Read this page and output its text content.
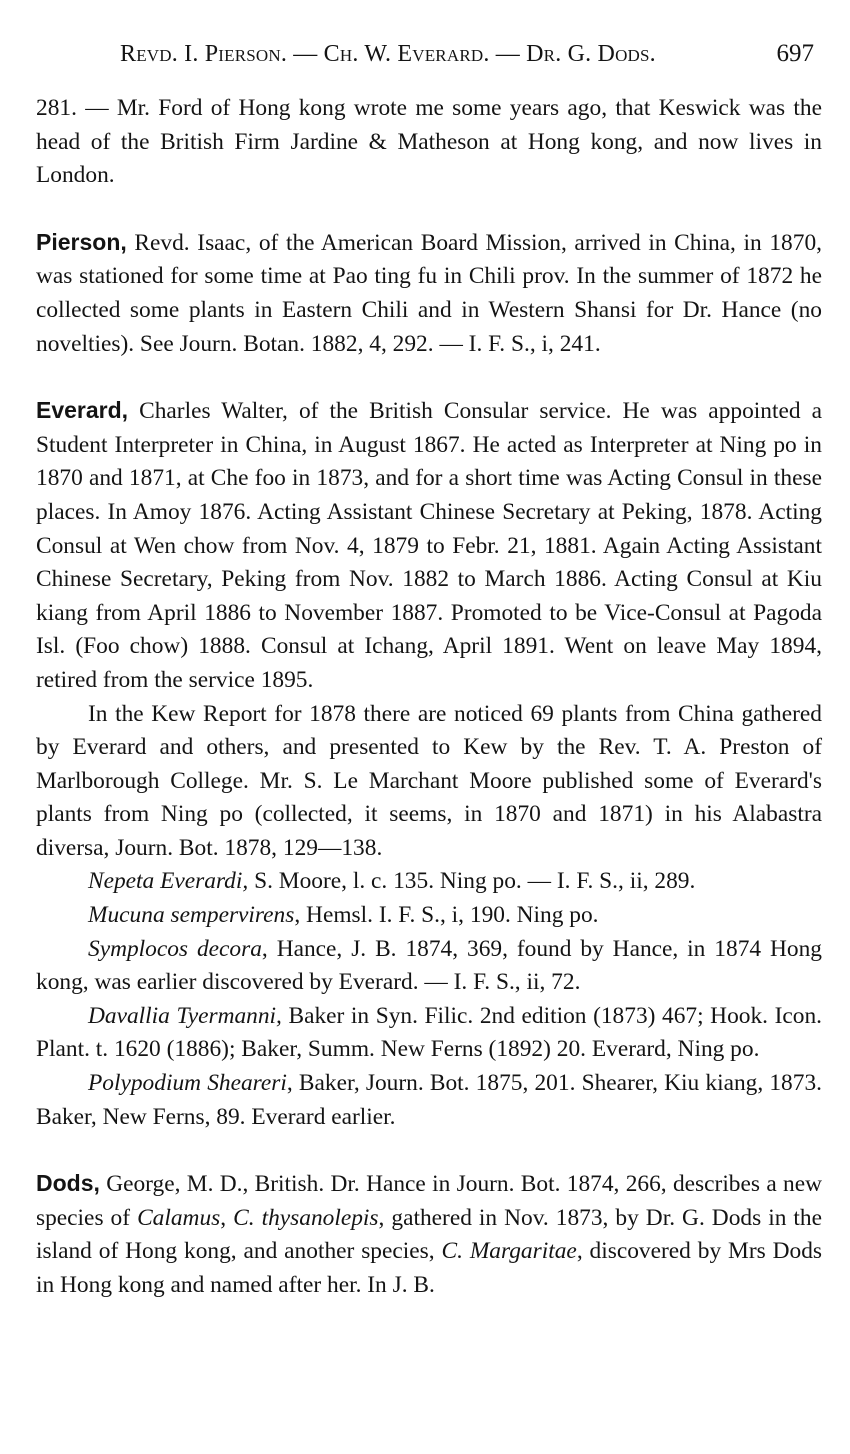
Revd. I. Pierson. — Ch. W. Everard. — Dr. G. Dods.	697

281. — Mr. Ford of Hong kong wrote me some years ago, that Keswick was the head of the British Firm Jardine & Matheson at Hong kong, and now lives in London.

Pierson, Revd. Isaac, of the American Board Mission, arrived in China, in 1870, was stationed for some time at Pao ting fu in Chili prov. In the summer of 1872 he collected some plants in Eastern Chili and in Western Shansi for Dr. Hance (no novelties). See Journ. Botan. 1882, 4, 292. — I. F. S., i, 241.

Everard, Charles Walter, of the British Consular service. He was appointed a Student Interpreter in China, in August 1867. He acted as Interpreter at Ning po in 1870 and 1871, at Che foo in 1873, and for a short time was Acting Consul in these places. In Amoy 1876. Acting Assistant Chinese Secretary at Peking, 1878. Acting Consul at Wen chow from Nov. 4, 1879 to Febr. 21, 1881. Again Acting Assistant Chinese Secretary, Peking from Nov. 1882 to March 1886. Acting Consul at Kiu kiang from April 1886 to November 1887. Promoted to be Vice-Consul at Pagoda Isl. (Foo chow) 1888. Consul at Ichang, April 1891. Went on leave May 1894, retired from the service 1895.

In the Kew Report for 1878 there are noticed 69 plants from China gathered by Everard and others, and presented to Kew by the Rev. T. A. Preston of Marlborough College. Mr. S. Le Marchant Moore published some of Everard's plants from Ning po (collected, it seems, in 1870 and 1871) in his Alabastra diversa, Journ. Bot. 1878, 129—138.

Nepeta Everardi, S. Moore, l. c. 135. Ning po. — I. F. S., ii, 289.

Mucuna sempervirens, Hemsl. I. F. S., i, 190. Ning po.

Symplocos decora, Hance, J. B. 1874, 369, found by Hance, in 1874 Hong kong, was earlier discovered by Everard. — I. F. S., ii, 72.

Davallia Tyermanni, Baker in Syn. Filic. 2nd edition (1873) 467; Hook. Icon. Plant. t. 1620 (1886); Baker, Summ. New Ferns (1892) 20. Everard, Ning po.

Polypodium Sheareri, Baker, Journ. Bot. 1875, 201. Shearer, Kiu kiang, 1873. Baker, New Ferns, 89. Everard earlier.

Dods, George, M. D., British. Dr. Hance in Journ. Bot. 1874, 266, describes a new species of Calamus, C. thysanolepis, gathered in Nov. 1873, by Dr. G. Dods in the island of Hong kong, and another species, C. Margaritae, discovered by Mrs Dods in Hong kong and named after her. In J. B.
